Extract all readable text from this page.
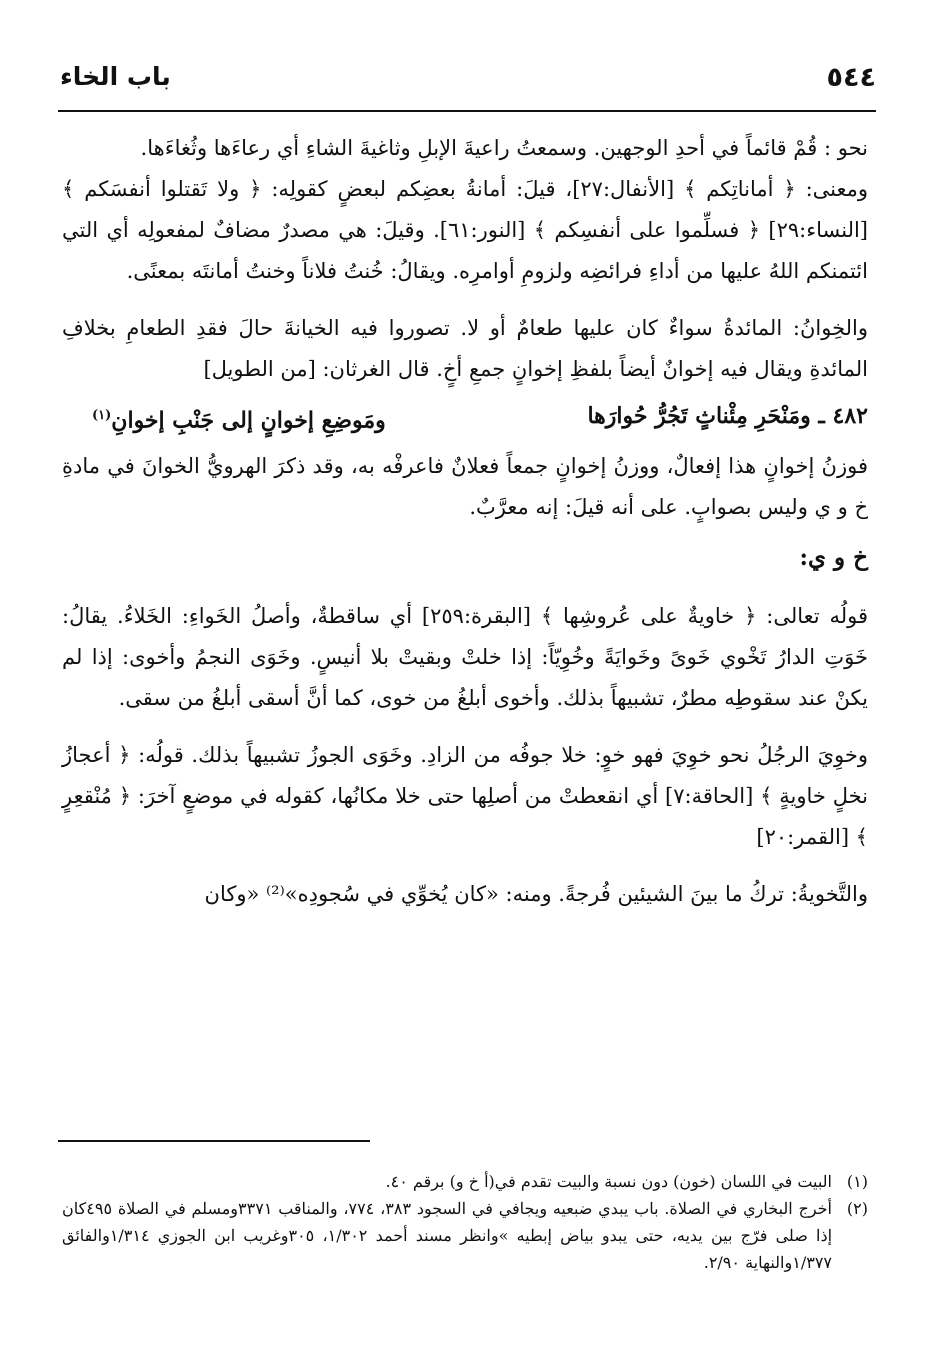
٥٤٤
باب الخاء

نحو : قُمْ قائماً في أحدِ الوجهين. وسمعتُ راعيةَ الإبلِ وثاغيةَ الشاءِ أي رعاءَها وثُغاءَها.

ومعنى: ﴿ أماناتِكم ﴾ [الأنفال:٢٧]، قيلَ: أمانةُ بعضِكم لبعضٍ كقولِه: ﴿ ولا تَقتلوا أنفسَكم ﴾ [النساء:٢٩] ﴿ فسلِّموا على أنفسِكم ﴾ [النور:٦١]. وقيلَ: هي مصدرٌ مضافٌ لمفعولِه أي التي ائتمنكم اللهُ عليها من أداءِ فرائضِه ولزومِ أوامرِه. ويقالُ: خُنتُ فلاناً وخنتُ أمانتَه بمعنًى.

والخِوانُ: المائدةُ سواءٌ كان عليها طعامٌ أو لا. تصوروا فيه الخيانةَ حالَ فقدِ الطعامِ بخلافِ المائدةِ ويقال فيه إخوانٌ أيضاً بلفظِ إخوانٍ جمعِ أخٍ. قال الغرثان: [من الطويل]

٤٨٢ ـ ومَنْحَرِ مِئْناثٍ تَجُرُّ حُوارَها
ومَوضِعِ إخوانٍ إلى جَنْبِ إخوانِ$^{(١)}$

فوزنُ إخوانٍ هذا إفعالٌ، ووزنُ إخوانٍ جمعاً فعلانٌ فاعرفْه به، وقد ذكرَ الهرويُّ الخوانَ في مادةِ خ و ي وليس بصوابٍ. على أنه قيلَ: إنه معرَّبٌ.

خ و ي:

قولُه تعالى: ﴿ خاويةٌ على عُروشِها ﴾ [البقرة:٢٥٩] أي ساقطةٌ، وأصلُ الخَواءِ: الخَلاءُ. يقالُ: خَوَتِ الدارُ تَخْوي خَوىً وخَوايَةً وخُوِيّاً: إذا خلتْ وبقيتْ بلا أنيسٍ. وخَوَى النجمُ وأخوى: إذا لم يكنْ عند سقوطِه مطرٌ، تشبيهاً بذلك. وأخوى أبلغُ من خوى، كما أنَّ أسقى أبلغُ من سقى.

وخوِيَ الرجُلُ نحو خوِيَ فهو خوٍ: خلا جوفُه من الزادِ. وخَوَى الجوزُ تشبيهاً بذلك. قولُه: ﴿ أعجازُ نخلٍ خاويةٍ ﴾ [الحاقة:٧] أي انقعطتْ من أصلِها حتى خلا مكانُها، كقوله في موضعٍ آخرَ: ﴿ مُنْقعِرٍ ﴾ [القمر:٢٠]

والتَّخويةُ: تركُ ما بينَ الشيئين فُرجةً. ومنه: «كان يُخوِّي في سُجودِه»⁽²⁾ «وكان

(١)
البيت في اللسان (خون) دون نسبة والبيت تقدم في(أ خ و) برقم ٤٠.
(٢)
أخرج البخاري في الصلاة. باب يبدي ضبعيه ويجافي في السجود ٣٨٣، ٧٧٤، والمناقب ٣٣٧١ومسلم في الصلاة ٤٩٥كان إذا صلى فرّج بين يديه، حتى يبدو بياض إبطيه »وانظر مسند أحمد ١/٣٠٢، ٣٠٥وغريب ابن الجوزي ١/٣١٤والفائق ١/٣٧٧والنهاية ٢/٩٠.
